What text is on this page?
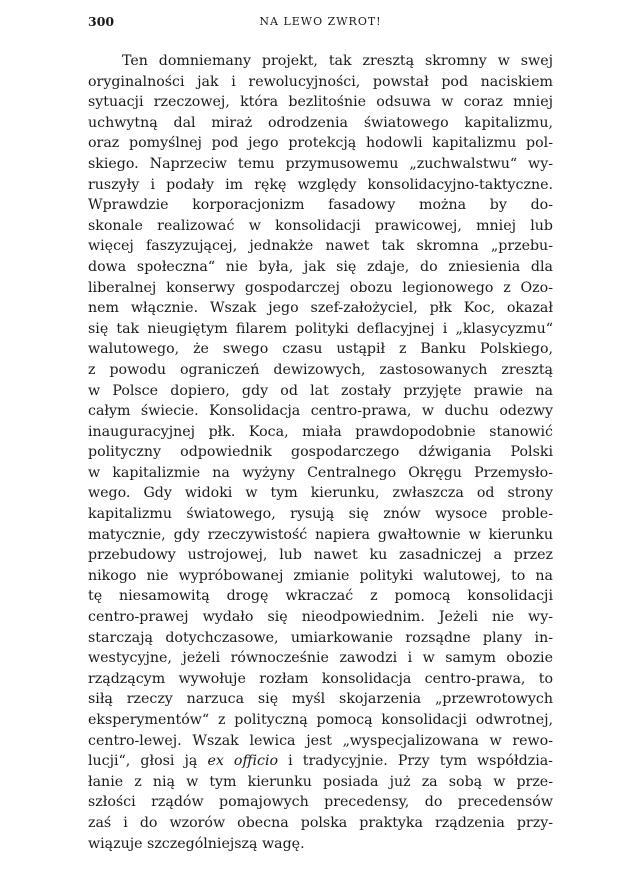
300	NA LEWO ZWROT!
Ten domniemany projekt, tak zresztą skromny w swej
oryginalności jak i rewolucyjności, powstał pod naciskiem
sytuacji rzeczowej, która bezlitośnie odsuwa w coraz mniej
uchwytną dal miraż odrodzenia światowego kapitalizmu,
oraz pomyślnej pod jego protekcją hodowli kapitalizmu pol-
skiego. Naprzeciw temu przymusowemu „zuchwalstwu“ wy-
ruszyły i podały im rękę względy konsolidacyjno-taktyczne.
Wprawdzie korporacjonizm fasadowy można by do-
skonale realizować w konsolidacji prawicowej, mniej lub
więcej faszyzującej, jednakże nawet tak skromna „przebu-
dowa społeczna“ nie była, jak się zdaje, do zniesienia dla
liberalnej konserwy gospodarczej obozu legionowego z Ozo-
nem włącznie. Wszak jego szef-założyciel, płk Koc, okazał
się tak nieugiętym filarem polityki deflacyjnej i „klasycyzmu“
walutowego, że swego czasu ustąpił z Banku Polskiego,
z powodu ograniczeń dewizowych, zastosowanych zresztą
w Polsce dopiero, gdy od lat zostały przyjęte prawie na
całym świecie. Konsolidacja centro-prawa, w duchu odezwy
inauguracyjnej płk. Koca, miała prawdopodobnie stanowić
polityczny odpowiednik gospodarczego dźwigania Polski
w kapitalizmie na wyżyny Centralnego Okręgu Przemysło-
wego. Gdy widoki w tym kierunku, zwłaszcza od strony
kapitalizmu światowego, rysują się znów wysoce proble-
matycznie, gdy rzeczywistość napiera gwałtownie w kierunku
przebudowy ustrojowej, lub nawet ku zasadniczej a przez
nikogo nie wypróbowanej zmianie polityki walutowej, to na
tę niesamowitą drogę wkraczać z pomocą konsolidacji
centro-prawej wydało się nieodpowiednim. Jeżeli nie wy-
starczają dotychczasowe, umiarkowanie rozsądne plany in-
westycyjne, jeżeli równocześnie zawodzi i w samym obozie
rządzącym wywołuje rozłam konsolidacja centro-prawa, to
siłą rzeczy narzuca się myśl skojarzenia „przewrotowych
eksperymentów“ z polityczną pomocą konsolidacji odwrotnej,
centro-lewej. Wszak lewica jest „wyspecjalizowana w rewo-
lucji“, głosi ją ex officio i tradycyjnie. Przy tym współdzia-
łanie z nią w tym kierunku posiada już za sobą w prze-
szłości rządów pomajowych precedensy, do precedensów
zaś i do wzorów obecna polska praktyka rządzenia przy-
wiązuje szczególniejszą wagę.
